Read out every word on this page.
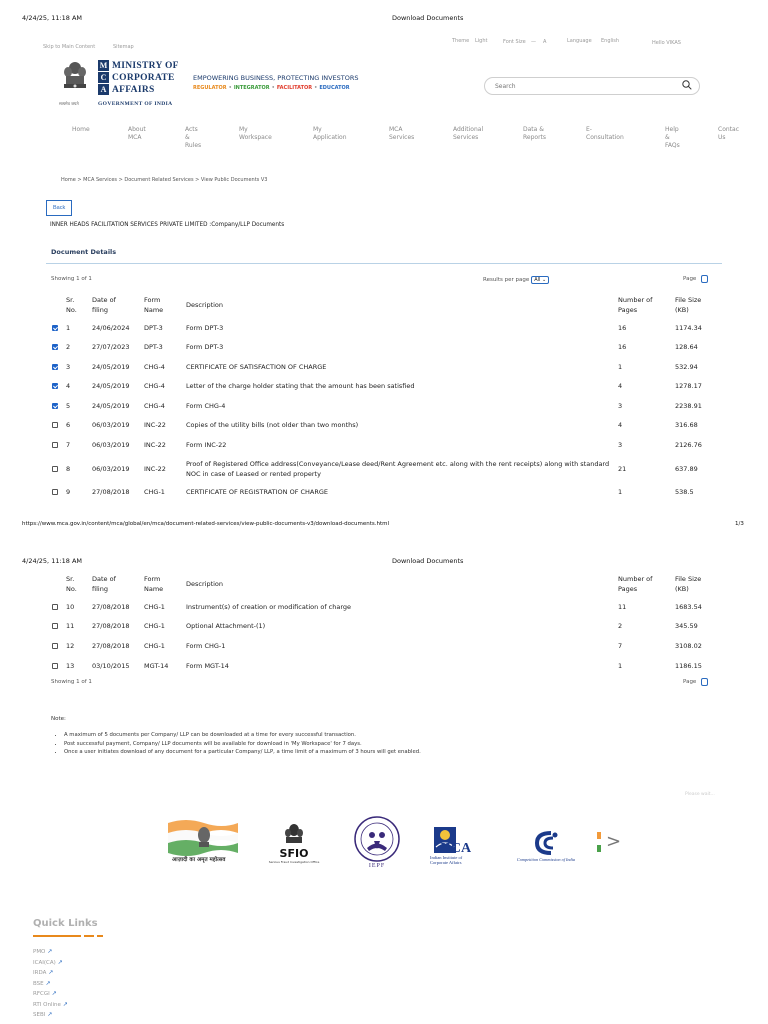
4/24/25, 11:18 AM	Download Documents
Skip to Main Content	Sitemap
Theme Light	Font Size — A	Language English	Hello VIKAS
सत्यमेव जयते
M MINISTRY OF
C CORPORATE
A AFFAIRS
GOVERNMENT OF INDIA
EMPOWERING BUSINESS, PROTECTING INVESTORS
REGULATOR • INTEGRATOR • FACILITATOR • EDUCATOR
Search
Home	About
MCA
Acts
&
Rules
My
Workspace
My
Application
MCA
Services
Additional
Services
Data &
Reports
E-
Consultation
Help
&
FAQs
Contac
Us
Home > MCA Services > Document Related Services > View Public Documents V3
Back
INNER HEADS FACILITATION SERVICES PRIVATE LIMITED :Company/LLP Documents
Document Details
Showing 1 of 1	Results per page	All ⌄	Page
	Sr.
No.	Date of
filing	Form
Name	Description	Number of
Pages	File Size
(KB)
	1	24/06/2024	DPT-3	Form DPT-3	16	1174.34
	2	27/07/2023	DPT-3	Form DPT-3	16	128.64
	3	24/05/2019	CHG-4	CERTIFICATE OF SATISFACTION OF CHARGE	1	532.94
	4	24/05/2019	CHG-4	Letter of the charge holder stating that the amount has been satisfied	4	1278.17
	5	24/05/2019	CHG-4	Form CHG-4	3	2238.91
	6	06/03/2019	INC-22	Copies of the utility bills (not older than two months)	4	316.68
	7	06/03/2019	INC-22	Form INC-22	3	2126.76
	8	06/03/2019	INC-22	Proof of Registered Office address(Conveyance/Lease deed/Rent Agreement etc. along with the rent receipts) along with standard NOC in case of Leased or rented property	21	637.89
	9	27/08/2018	CHG-1	CERTIFICATE OF REGISTRATION OF CHARGE	1	538.5
https://www.mca.gov.in/content/mca/global/en/mca/document-related-services/view-public-documents-v3/download-documents.html	1/3
4/24/25, 11:18 AM	Download Documents
	Sr.
No.	Date of
filing	Form
Name	Description	Number of
Pages	File Size
(KB)
	10	27/08/2018	CHG-1	Instrument(s) of creation or modification of charge	11	1683.54
	11	27/08/2018	CHG-1	Optional Attachment-(1)	2	345.59
	12	27/08/2018	CHG-1	Form CHG-1	7	3108.02
	13	03/10/2015	MGT-14	Form MGT-14	1	1186.15
Showing 1 of 1	Page
Note:
• A maximum of 5 documents per Company/ LLP can be downloaded at a time for every successful transaction.
• Post successful payment, Company/ LLP documents will be available for download in 'My Workspace' for 7 days.
• Once a user initiates download of any document for a particular Company/ LLP, a time limit of a maximum of 3 hours will get enabled.
Please wait...
आज़ादी का अमृत महोत्सव	SFIO
Serious Fraud Investigation Office
IEPF
IICA
Indian Institute of
Corporate Affairs
Competition Commission of India
>
Quick Links
PMO ↗
ICAI(CA) ↗
IRDA ↗
BSE ↗
RFCGI ↗
RTI Online ↗
SEBI ↗
